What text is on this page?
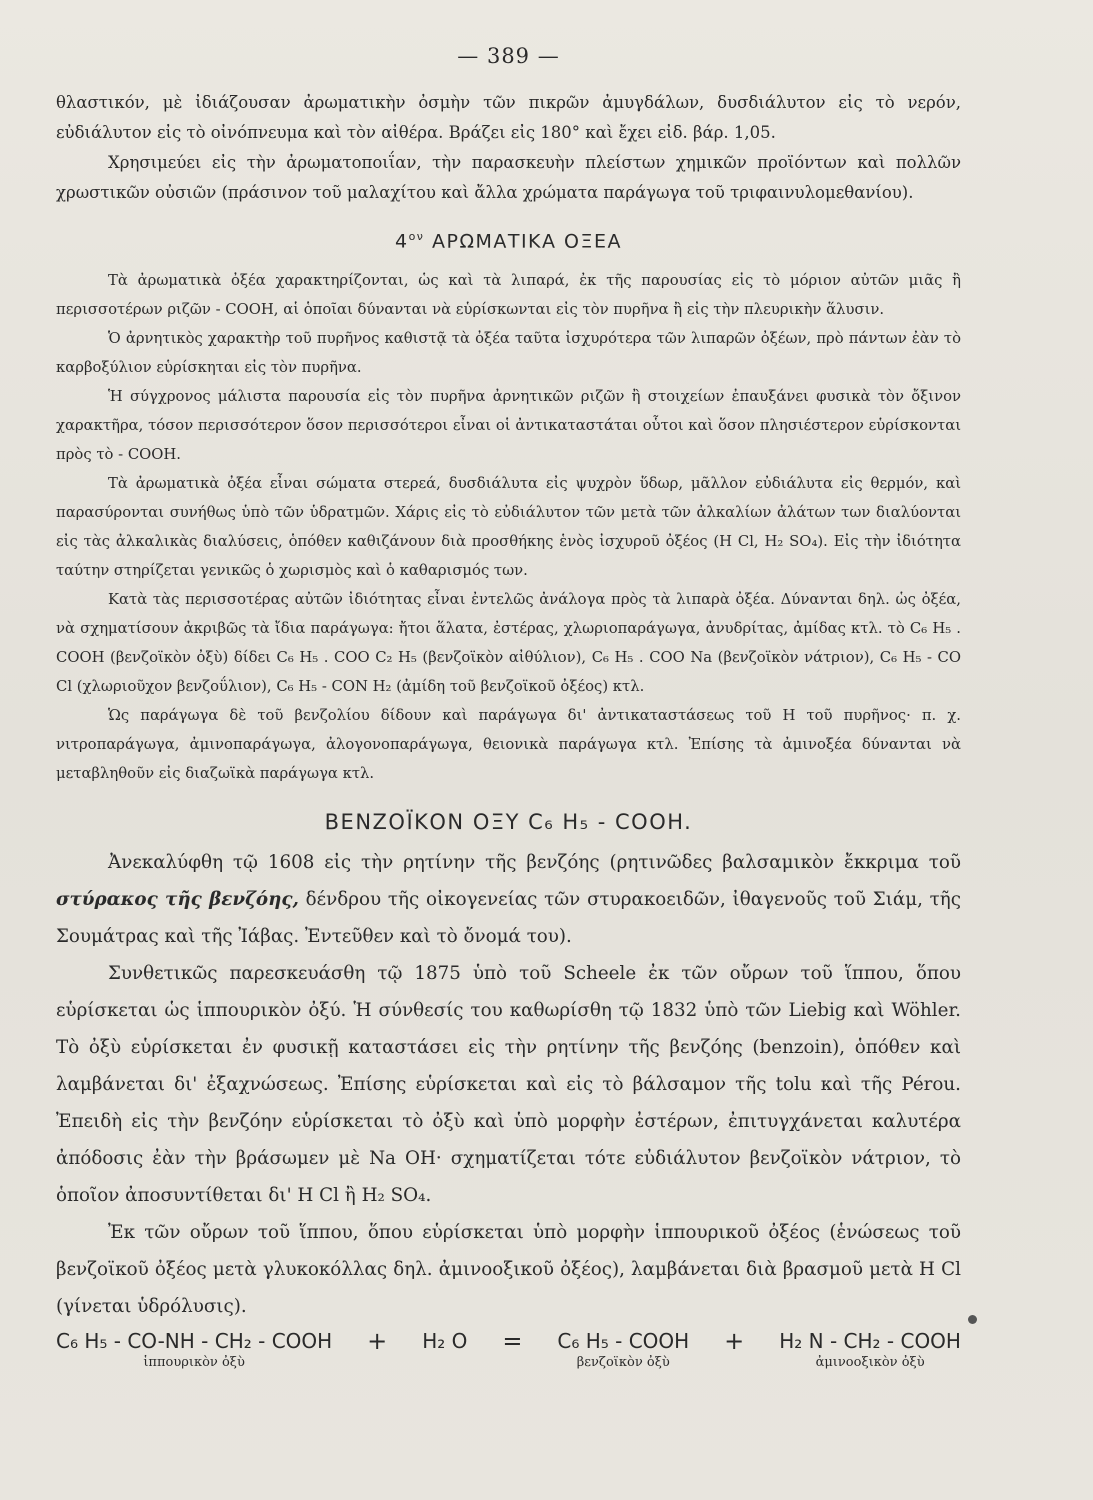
— 389 —

θλαστικόν, μὲ ἰδιάζουσαν ἀρωματικὴν ὀσμὴν τῶν πικρῶν ἀμυγδάλων, δυσδιάλυτον εἰς τὸ νερόν, εὐδιάλυτον εἰς τὸ οἰνόπνευμα καὶ τὸν αἰθέρα. Βράζει εἰς 180° καὶ ἔχει εἰδ. βάρ. 1,05.

Χρησιμεύει εἰς τὴν ἀρωματοποιΐαν, τὴν παρασκευὴν πλείστων χημικῶν προϊόντων καὶ πολλῶν χρωστικῶν οὐσιῶν (πράσινον τοῦ μαλαχίτου καὶ ἄλλα χρώματα παράγωγα τοῦ τριφαινυλομεθανίου).

$4^{o\nu}$ ΑΡΩΜΑΤΙΚΑ ΟΞΕΑ

Τὰ ἀρωματικὰ ὀξέα χαρακτηρίζονται, ὡς καὶ τὰ λιπαρά, ἐκ τῆς παρουσίας εἰς τὸ μόριον αὐτῶν μιᾶς ἢ περισσοτέρων ριζῶν - COOH, αἱ ὁποῖαι δύνανται νὰ εὑρίσκωνται εἰς τὸν πυρῆνα ἢ εἰς τὴν πλευρικὴν ἅλυσιν.

Ὁ ἀρνητικὸς χαρακτὴρ τοῦ πυρῆνος καθιστᾷ τὰ ὀξέα ταῦτα ἰσχυρότερα τῶν λιπαρῶν ὀξέων, πρὸ πάντων ἐὰν τὸ καρβοξύλιον εὑρίσκηται εἰς τὸν πυρῆνα.

Ἡ σύγχρονος μάλιστα παρουσία εἰς τὸν πυρῆνα ἀρνητικῶν ριζῶν ἢ στοιχείων ἐπαυξάνει φυσικὰ τὸν ὄξινον χαρακτῆρα, τόσον περισσότερον ὅσον περισσότεροι εἶναι οἱ ἀντικαταστάται οὗτοι καὶ ὅσον πλησιέστερον εὑρίσκονται πρὸς τὸ - COOH.

Τὰ ἀρωματικὰ ὀξέα εἶναι σώματα στερεά, δυσδιάλυτα εἰς ψυχρὸν ὕδωρ, μᾶλλον εὐδιάλυτα εἰς θερμόν, καὶ παρασύρονται συνήθως ὑπὸ τῶν ὑδρατμῶν. Χάρις εἰς τὸ εὐδιάλυτον τῶν μετὰ τῶν ἀλκαλίων ἀλάτων των διαλύονται εἰς τὰς ἀλκαλικὰς διαλύσεις, ὁπόθεν καθιζάνουν διὰ προσθήκης ἑνὸς ἰσχυροῦ ὀξέος (H Cl, H₂ SO₄). Εἰς τὴν ἰδιότητα ταύτην στηρίζεται γενικῶς ὁ χωρισμὸς καὶ ὁ καθαρισμός των.

Κατὰ τὰς περισσοτέρας αὐτῶν ἰδιότητας εἶναι ἐντελῶς ἀνάλογα πρὸς τὰ λιπαρὰ ὀξέα. Δύνανται δηλ. ὡς ὀξέα, νὰ σχηματίσουν ἀκριβῶς τὰ ἴδια παράγωγα: ἤτοι ἅλατα, ἐστέρας, χλωριοπαράγωγα, ἀνυδρίτας, ἀμίδας κτλ. τὸ C₆ H₅ . COOH (βενζοϊκὸν ὀξὺ) δίδει C₆ H₅ . COO C₂ H₅ (βενζοϊκὸν αἰθύλιον), C₆ H₅ . COO Na (βενζοϊκὸν νάτριον), C₆ H₅ - CO Cl (χλωριοῦχον βενζοΰλιον), C₆ H₅ - CON H₂ (ἀμίδη τοῦ βενζοϊκοῦ ὀξέος) κτλ.

Ὡς παράγωγα δὲ τοῦ βενζολίου δίδουν καὶ παράγωγα δι' ἀντικαταστάσεως τοῦ H τοῦ πυρῆνος· π. χ. νιτροπαράγωγα, ἀμινοπαράγωγα, ἀλογονοπαράγωγα, θειονικὰ παράγωγα κτλ. Ἐπίσης τὰ ἀμινοξέα δύνανται νὰ μεταβληθοῦν εἰς διαζωϊκὰ παράγωγα κτλ.

ΒΕΝΖΟΪΚΟΝ ΟΞΥ C₆ H₅ - COOH.

Ἀνεκαλύφθη τῷ 1608 εἰς τὴν ρητίνην τῆς βενζόης (ρητινῶδες βαλσαμικὸν ἔκκριμα τοῦ στύρακος τῆς βενζόης, δένδρου τῆς οἰκογενείας τῶν στυρακοειδῶν, ἰθαγενοῦς τοῦ Σιάμ, τῆς Σουμάτρας καὶ τῆς Ἰάβας. Ἐντεῦθεν καὶ τὸ ὄνομά του).

Συνθετικῶς παρεσκευάσθη τῷ 1875 ὑπὸ τοῦ Scheele ἐκ τῶν οὔρων τοῦ ἵππου, ὅπου εὑρίσκεται ὡς ἱππουρικὸν ὀξύ. Ἡ σύνθεσίς του καθωρίσθη τῷ 1832 ὑπὸ τῶν Liebig καὶ Wöhler. Τὸ ὀξὺ εὑρίσκεται ἐν φυσικῇ καταστάσει εἰς τὴν ρητίνην τῆς βενζόης (benzoin), ὁπόθεν καὶ λαμβάνεται δι' ἐξαχνώσεως. Ἐπίσης εὑρίσκεται καὶ εἰς τὸ βάλσαμον τῆς tolu καὶ τῆς Pérou. Ἐπειδὴ εἰς τὴν βενζόην εὑρίσκεται τὸ ὀξὺ καὶ ὑπὸ μορφὴν ἐστέρων, ἐπιτυγχάνεται καλυτέρα ἀπόδοσις ἐὰν τὴν βράσωμεν μὲ Na OH· σχηματίζεται τότε εὐδιάλυτον βενζοϊκὸν νάτριον, τὸ ὁποῖον ἀποσυντίθεται δι' H Cl ἢ H₂ SO₄.

Ἐκ τῶν οὔρων τοῦ ἵππου, ὅπου εὑρίσκεται ὑπὸ μορφὴν ἱππουρικοῦ ὀξέος (ἑνώσεως τοῦ βενζοϊκοῦ ὀξέος μετὰ γλυκοκόλλας δηλ. ἀμινοοξικοῦ ὀξέος), λαμβάνεται διὰ βρασμοῦ μετὰ H Cl (γίνεται ὑδρόλυσις).

C₆ H₅ - CO-NH - CH₂ - COOH
ἱππουρικὸν ὀξὺ
+ H₂ O = C₆ H₅ - COOH
βενζοϊκὸν ὀξὺ
+ H₂ N - CH₂ - COOH
ἀμινοοξικὸν ὀξὺ
